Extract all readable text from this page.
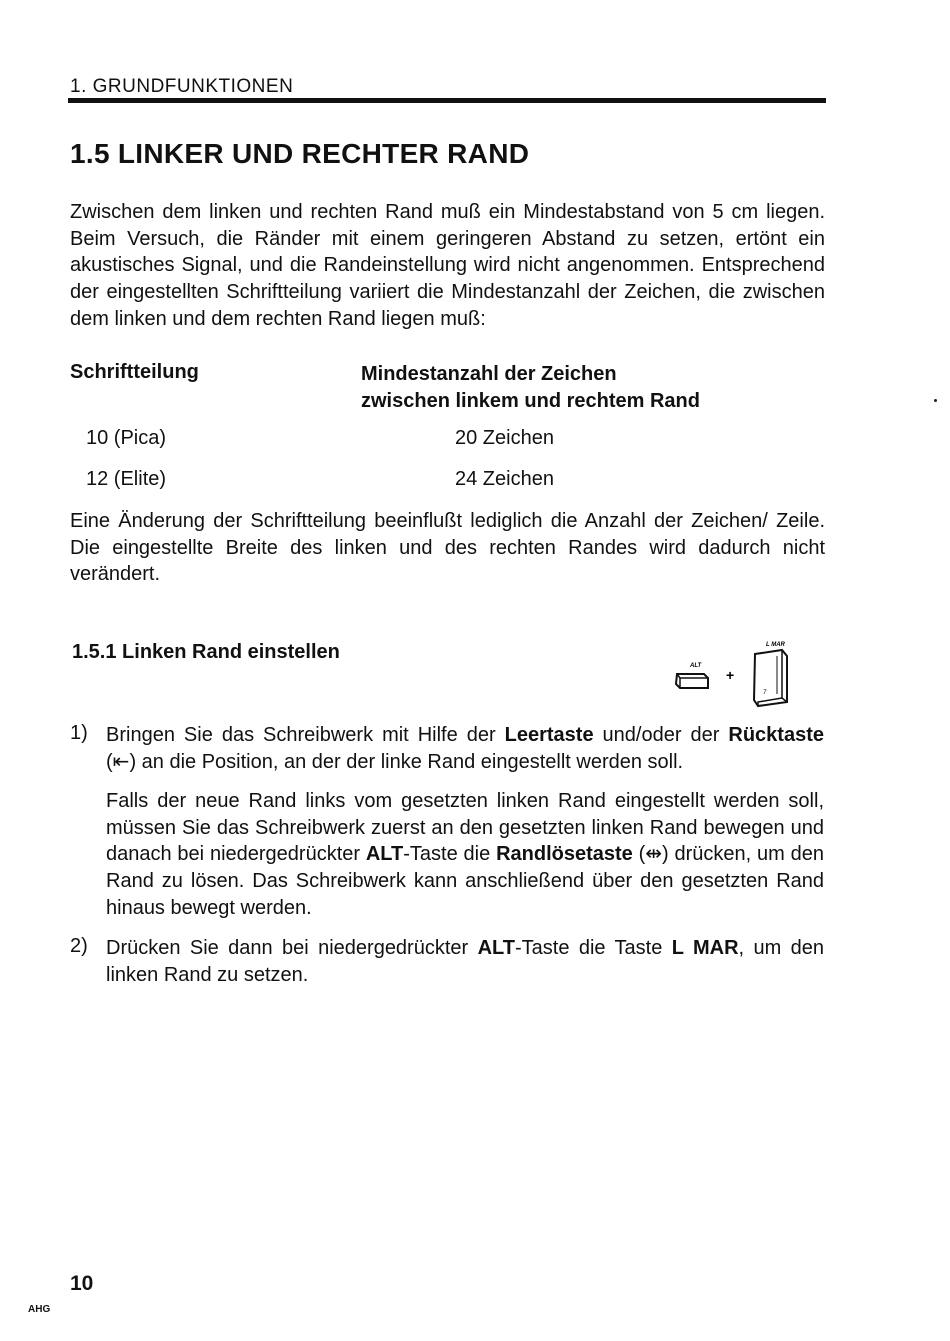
1. GRUNDFUNKTIONEN
1.5 LINKER UND RECHTER RAND
Zwischen dem linken und rechten Rand muß ein Mindestabstand von 5 cm liegen. Beim Versuch, die Ränder mit einem geringeren Abstand zu setzen, ertönt ein akustisches Signal, und die Randeinstellung wird nicht angenommen. Entsprechend der eingestellten Schriftteilung variiert die Mindestanzahl der Zeichen, die zwischen dem linken und dem rechten Rand liegen muß:
Schriftteilung	Mindestanzahl der Zeichen
zwischen linkem und rechtem Rand
10 (Pica)	20 Zeichen
12 (Elite)	24 Zeichen
Eine Änderung der Schriftteilung beeinflußt lediglich die Anzahl der Zeichen/ Zeile. Die eingestellte Breite des linken und des rechten Randes wird dadurch nicht verändert.
1.5.1 Linken Rand einstellen
ALT
+
L MAR
7
1) Bringen Sie das Schreibwerk mit Hilfe der Leertaste und/oder der Rücktaste (⇤) an die Position, an der der linke Rand eingestellt werden soll.
Falls der neue Rand links vom gesetzten linken Rand eingestellt werden soll, müssen Sie das Schreibwerk zuerst an den gesetzten linken Rand bewegen und danach bei niedergedrückter ALT-Taste die Randlösetaste (⇹) drücken, um den Rand zu lösen. Das Schreibwerk kann anschließend über den gesetzten Rand hinaus bewegt werden.
2) Drücken Sie dann bei niedergedrückter ALT-Taste die Taste L MAR, um den linken Rand zu setzen.
10
AHG
